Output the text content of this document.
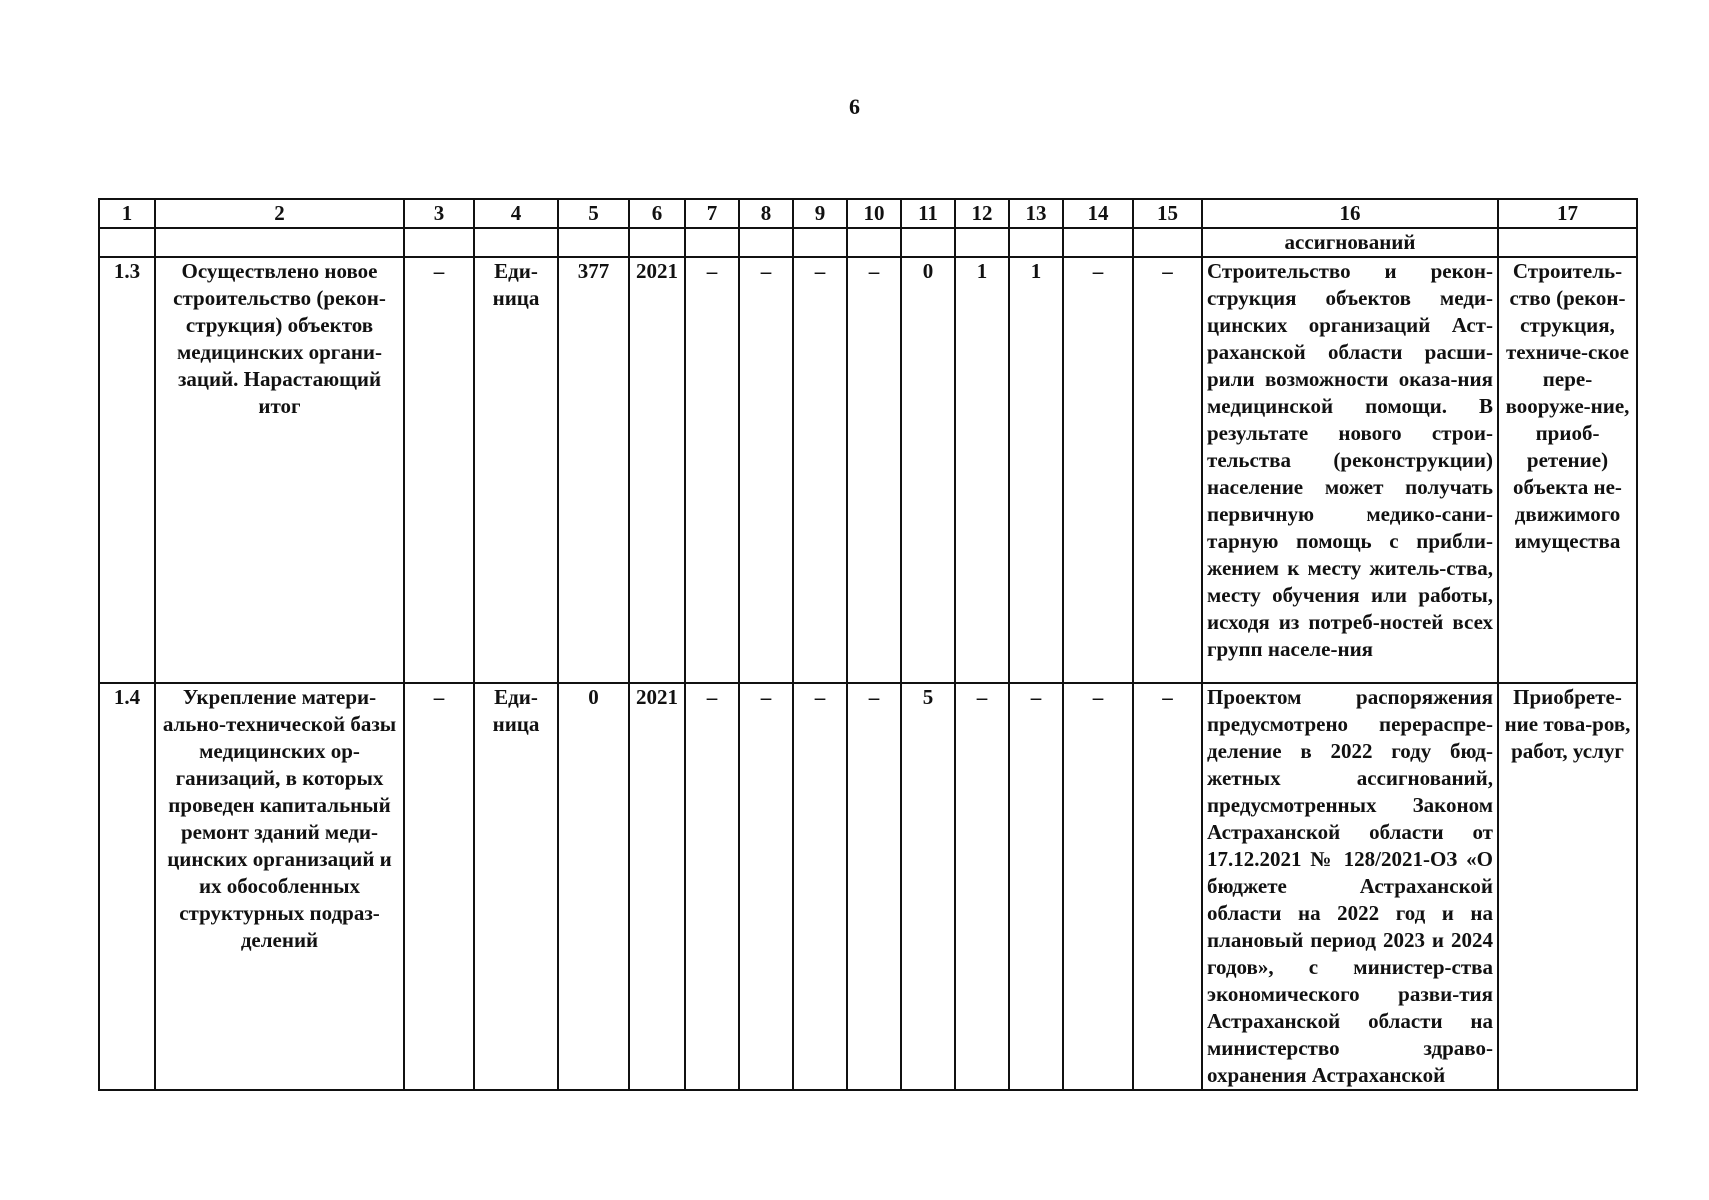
6
1	2	3	4	5	6	7	8	9	10	11	12	13	14	15	16	17
															ассигнований	
1.3	Осуществлено новое строительство (рекон-струкция) объектов медицинских органи-заций. Нарастающий итог	–	Еди-ница	377	2021	–	–	–	–	0	1	1	–	–	Строительство и рекон-струкция объектов меди-цинских организаций Аст-раханской области расши-рили возможности оказа-ния медицинской помощи. В результате нового строи-тельства (реконструкции) население может получать первичную медико-сани-тарную помощь с прибли-жением к месту житель-ства, месту обучения или работы, исходя из потреб-ностей всех групп населе-ния	Строитель-ство (рекон-струкция, техниче-ское пере-вооруже-ние, приоб-ретение) объекта не-движимого имущества
1.4	Укрепление матери-ально-технической базы медицинских ор-ганизаций, в которых проведен капитальный ремонт зданий меди-цинских организаций и их обособленных структурных подраз-делений	–	Еди-ница	0	2021	–	–	–	–	5	–	–	–	–	Проектом распоряжения предусмотрено перераспре-деление в 2022 году бюд-жетных ассигнований, предусмотренных Законом Астраханской области от 17.12.2021 № 128/2021-ОЗ «О бюджете Астраханской области на 2022 год и на плановый период 2023 и 2024 годов», с министер-ства экономического разви-тия Астраханской области на министерство здраво-охранения Астраханской	Приобрете-ние това-ров, работ, услуг
